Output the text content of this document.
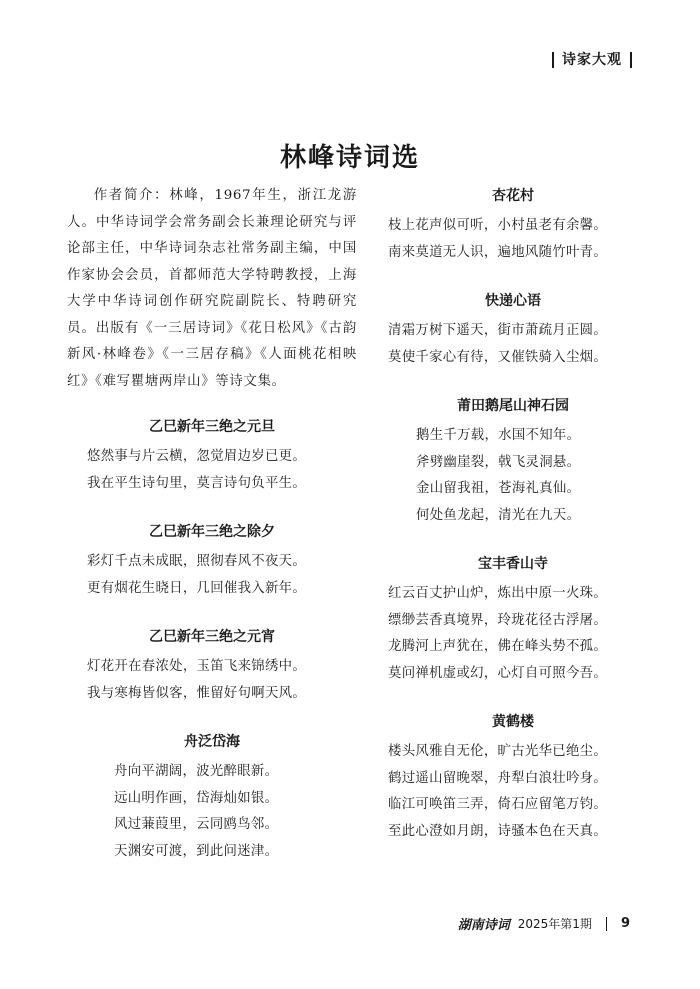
诗家大观
林峰诗词选

作者简介：林峰，1967年生，浙江龙游人。中华诗词学会常务副会长兼理论研究与评论部主任，中华诗词杂志社常务副主编，中国作家协会会员，首都师范大学特聘教授，上海大学中华诗词创作研究院副院长、特聘研究员。出版有《一三居诗词》《花日松风》《古韵新风·林峰卷》《一三居存稿》《人面桃花相映红》《难写瞿塘两岸山》等诗文集。

乙巳新年三绝之元旦
悠然事与片云横，忽觉眉边岁已更。
我在平生诗句里，莫言诗句负平生。
乙巳新年三绝之除夕
彩灯千点未成眠，照彻春风不夜天。
更有烟花生晓日，几回催我入新年。
乙巳新年三绝之元宵
灯花开在春浓处，玉笛飞来锦绣中。
我与寒梅皆似客，惟留好句啊天风。
舟泛岱海
舟向平湖阔，波光醉眼新。
远山明作画，岱海灿如银。
风过蒹葭里，云同鸥鸟邻。
天渊安可渡，到此问迷津。
杏花村
枝上花声似可听，小村虽老有余馨。
南来莫道无人识，遍地风随竹叶青。
快递心语
清霜万树下遥天，街市萧疏月正圆。
莫使千家心有待，又催铁骑入尘烟。
莆田鹅尾山神石园
鹅生千万载，水国不知年。
斧劈幽崖裂，戟飞灵洞悬。
金山留我祖，苍海礼真仙。
何处鱼龙起，清光在九天。
宝丰香山寺
红云百丈护山炉，炼出中原一火珠。
缥缈芸香真境界，玲珑花径古浮屠。
龙腾河上声犹在，佛在峰头势不孤。
莫问禅机虚或幻，心灯自可照今吾。
黄鹤楼
楼头风雅自无伦，旷古光华已绝尘。
鹤过遥山留晚翠，舟犁白浪壮吟身。
临江可唤笛三弄，倚石应留笔万钧。
至此心澄如月朗，诗骚本色在天真。
湖南诗词 2025年第1期 9
